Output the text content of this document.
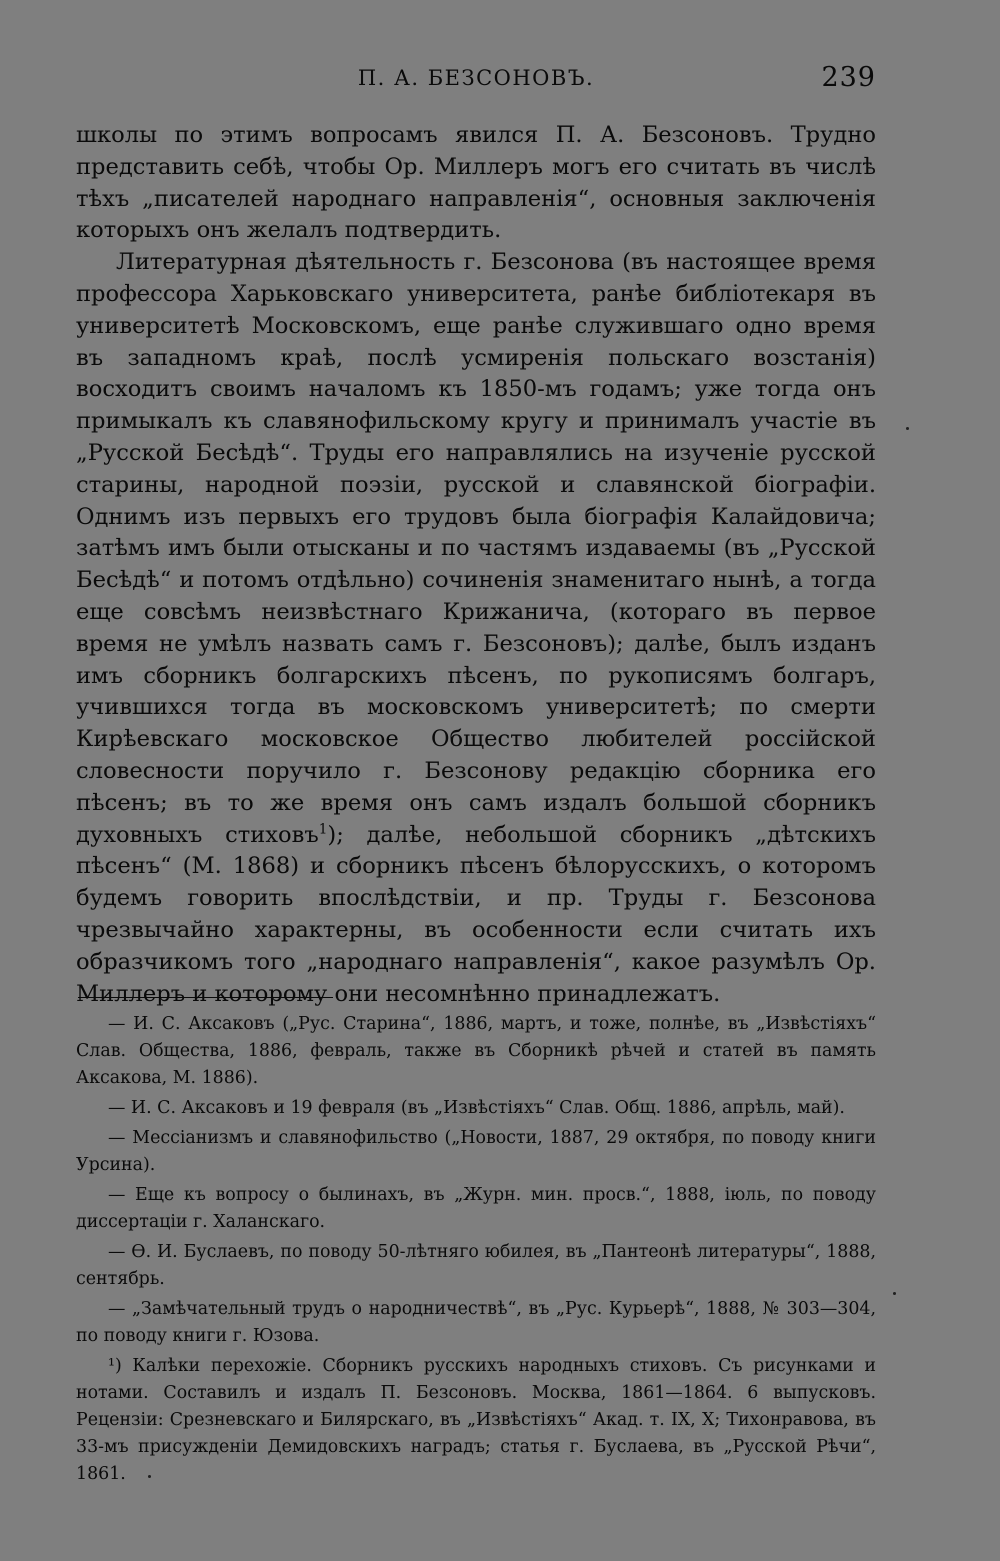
П. А. БЕЗСОНОВЪ.	239

школы по этимъ вопросамъ явился П. А. Безсоновъ. Трудно представить себѣ, чтобы Ор. Миллеръ могъ его считать въ числѣ тѣхъ „писателей народнаго направленія“, основныя заключенія которыхъ онъ желалъ подтвердить.

Литературная дѣятельность г. Безсонова (въ настоящее время профессора Харьковскаго университета, ранѣе библіотекаря въ университетѣ Московскомъ, еще ранѣе служившаго одно время въ западномъ краѣ, послѣ усмиренія польскаго возстанія) восходитъ своимъ началомъ къ 1850-мъ годамъ; уже тогда онъ примыкалъ къ славянофильскому кругу и принималъ участіе въ „Русской Бесѣдѣ“. Труды его направлялись на изученіе русской старины, народной поэзіи, русской и славянской біографіи. Однимъ изъ первыхъ его трудовъ была біографія Калайдовича; затѣмъ имъ были отысканы и по частямъ издаваемы (въ „Русской Бесѣдѣ“ и потомъ отдѣльно) сочиненія знаменитаго нынѣ, а тогда еще совсѣмъ неизвѣстнаго Крижанича, (котораго въ первое время не умѣлъ назвать самъ г. Безсоновъ); далѣе, былъ изданъ имъ сборникъ болгарскихъ пѣсенъ, по рукописямъ болгаръ, учившихся тогда въ московскомъ университетѣ; по смерти Кирѣевскаго московское Общество любителей россійской словесности поручило г. Безсонову редакцію сборника его пѣсенъ; въ то же время онъ самъ издалъ большой сборникъ духовныхъ стиховъ$^1$); далѣе, небольшой сборникъ „дѣтскихъ пѣсенъ“ (М. 1868) и сборникъ пѣсенъ бѣлорусскихъ, о которомъ будемъ говорить впослѣдствіи, и пр. Труды г. Безсонова чрезвычайно характерны, въ особенности если считать ихъ образчикомъ того „народнаго направленія“, какое разумѣлъ Ор. Миллеръ и которому они несомнѣнно принадлежатъ.

— И. С. Аксаковъ („Рус. Старина“, 1886, мартъ, и тоже, полнѣе, въ „Извѣстіяхъ“ Слав. Общества, 1886, февраль, также въ Сборникѣ рѣчей и статей въ память Аксакова, М. 1886).

— И. С. Аксаковъ и 19 февраля (въ „Извѣстіяхъ“ Слав. Общ. 1886, апрѣль, май).

— Мессіанизмъ и славянофильство („Новости, 1887, 29 октября, по поводу книги Урсина).

— Еще къ вопросу о былинахъ, въ „Журн. мин. просв.“, 1888, іюль, по поводу диссертаціи г. Халанскаго.

— Ѳ. И. Буслаевъ, по поводу 50-лѣтняго юбилея, въ „Пантеонѣ литературы“, 1888, сентябрь.

— „Замѣчательный трудъ о народничествѣ“, въ „Рус. Курьерѣ“, 1888, № 303—304, по поводу книги г. Юзова.

¹) Калѣки перехожіе. Сборникъ русскихъ народныхъ стиховъ. Съ рисунками и нотами. Составилъ и издалъ П. Безсоновъ. Москва, 1861—1864. 6 выпусковъ. Рецензіи: Срезневскаго и Билярскаго, въ „Извѣстіяхъ“ Акад. т. IX, X; Тихонравова, въ 33-мъ присужденіи Демидовскихъ наградъ; статья г. Буслаева, въ „Русской Рѣчи“, 1861.
